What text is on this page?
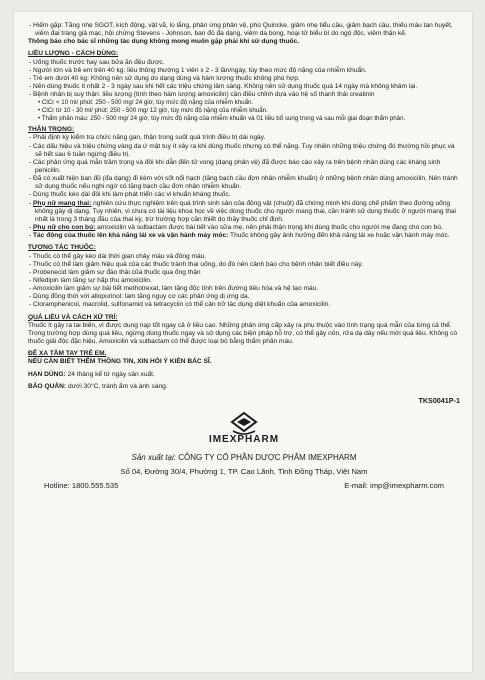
- Hiếm gặp: Tăng nhẹ SGOT, kích động, vật vã, lo lắng, phản ứng phản vệ, phù Quincke, giảm nhẹ tiểu cầu, giảm bạch cầu, thiếu máu tan huyết, viêm đại tràng giả mạc, hội chứng Stevens - Johnson, ban đỏ đa dạng, viêm da bong, hoại tử biểu bì do ngộ độc, viêm thận kẽ.

Thông báo cho bác sĩ những tác dụng không mong muốn gặp phải khi sử dụng thuốc.

LIỀU LƯỢNG - CÁCH DÙNG:

- Uống thuốc trước hay sau bữa ăn đều được.

- Người lớn và trẻ em trên 40 kg: liều thông thường 1 viên x 2 - 3 lần/ngày, tùy theo mức độ nặng của nhiễm khuẩn.

- Trẻ em dưới 40 kg: Không nên sử dụng do dạng dùng và hàm lượng thuốc không phù hợp.

- Nên dùng thuốc ít nhất 2 - 3 ngày sau khi hết các triệu chứng lâm sàng. Không nên sử dụng thuốc quá 14 ngày mà không khám lại.

- Bệnh nhân bị suy thận: liều lượng (tính theo hàm lượng amoxicilin) cần điều chỉnh dựa vào hệ số thanh thải creatinin

• ClCr < 10 ml/ phút: 250 - 500 mg/ 24 giờ, tùy mức độ nặng của nhiễm khuẩn.

• ClCr từ 10 - 30 ml/ phút: 250 - 500 mg/ 12 giờ, tùy mức độ nặng của nhiễm khuẩn.

• Thẩm phân máu: 250 - 500 mg/ 24 giờ, tùy mức độ nặng của nhiễm khuẩn và 01 liều bổ sung trong và sau mỗi giai đoạn thẩm phân.

THẬN TRỌNG:

- Phải định kỳ kiểm tra chức năng gan, thận trong suốt quá trình điều trị dài ngày.

- Các dấu hiệu và triệu chứng vàng da ứ mật tuy ít xảy ra khi dùng thuốc nhưng có thể nặng. Tuy nhiên những triệu chứng đó thường hồi phục và sẽ hết sau 6 tuần ngừng điều trị.

- Các phản ứng quá mẫn trầm trọng và đôi khi dẫn đến tử vong (dạng phản vệ) đã được báo cáo xảy ra trên bệnh nhân dùng các kháng sinh penicilin.

- Đã có xuất hiện ban đỏ (đa dạng) đi kèm với sốt nổi hạch (tăng bạch cầu đơn nhân nhiễm khuẩn) ở những bệnh nhân dùng amoxicilin. Nên tránh sử dụng thuốc nếu nghi ngờ có tăng bạch cầu đơn nhân nhiễm khuẩn.

- Dùng thuốc kéo dài đôi khi làm phát triển các vi khuẩn kháng thuốc.

- Phụ nữ mang thai: nghiên cứu thực nghiệm trên quá trình sinh sản của động vật (chuột) đã chứng minh khi dùng chế phẩm theo đường uống không gây dị dạng. Tuy nhiên, vì chưa có tài liệu khoa học về việc dùng thuốc cho người mang thai, cần tránh sử dụng thuốc ở người mang thai nhất là trong 3 tháng đầu của thai kỳ, trừ trường hợp cần thiết do thầy thuốc chỉ định.

- Phụ nữ cho con bú: amoxicilin và sulbactam được bài tiết vào sữa mẹ, nên phải thận trọng khi dùng thuốc cho người mẹ đang cho con bú.

- Tác động của thuốc lên khả năng lái xe và vận hành máy móc: Thuốc không gây ảnh hưởng đến khả năng lái xe hoặc vận hành máy móc.

TƯƠNG TÁC THUỐC:

- Thuốc có thể gây kéo dài thời gian chảy máu và đông máu.

- Thuốc có thể làm giảm hiệu quả của các thuốc tránh thai uống, do đó nên cảnh báo cho bệnh nhân biết điều này.

- Probenecid làm giảm sự đào thải của thuốc qua ống thận

- Nifedipin làm tăng sự hấp thu amoxicilin.

- Amoxicilin làm giảm sự bài tiết methotrexat, làm tăng độc tính trên đường tiêu hóa và hệ tạo máu.

- Dùng đồng thời với allopurinol: làm tăng nguy cơ các phản ứng dị ứng da.

- Cloramphenicol, macrolid, sulfonamid và tetracyclin có thể cản trở tác dụng diệt khuẩn của amoxicilin.

QUÁ LIỀU VÀ CÁCH XỬ TRÍ:

Thuốc ít gây ra tai biến, vì được dung nạp tốt ngay cả ở liều cao. Những phản ứng cấp xảy ra phụ thuộc vào tình trạng quá mẫn của từng cá thể. Trong trường hợp dùng quá liều, ngừng dùng thuốc ngay và sử dụng các biện pháp hỗ trợ, có thể gây nôn, rửa dạ dày nếu mới quá liều. Không có thuốc giải độc đặc hiệu. Amoxicilin và sulbactam có thể được loại bỏ bằng thẩm phân máu.

ĐỂ XA TẦM TAY TRẺ EM.

NẾU CẦN BIẾT THÊM THÔNG TIN, XIN HỎI Ý KIẾN BÁC SĨ.

HẠN DÙNG: 24 tháng kể từ ngày sản xuất.

BẢO QUẢN: dưới 30°C, tránh ẩm và ánh sáng.

TKS0041P-1

IMEXPHARM

Sản xuất tại: CÔNG TY CỔ PHẦN DƯỢC PHẨM IMEXPHARM

Số 04, Đường 30/4, Phường 1, TP. Cao Lãnh, Tỉnh Đồng Tháp, Việt Nam

Hotline: 1800.555.535	E-mail: imp@imexpharm.com
